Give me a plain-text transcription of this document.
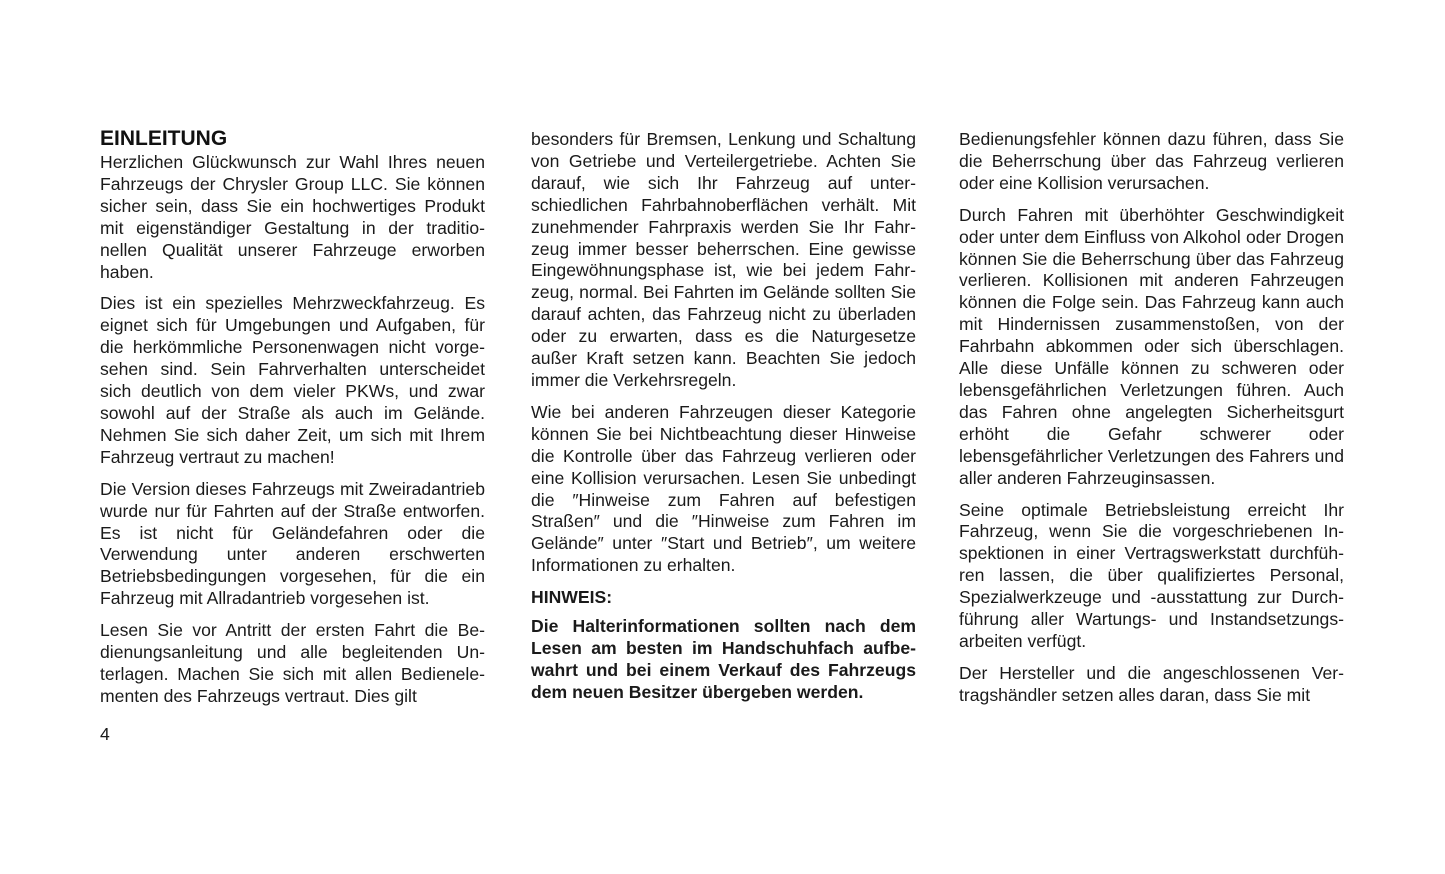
EINLEITUNG

Herzlichen Glückwunsch zur Wahl Ihres neuen Fahrzeugs der Chrysler Group LLC. Sie können sicher sein, dass Sie ein hochwertiges Produkt mit eigenständiger Gestaltung in der traditionellen Qualität unserer Fahrzeuge erworben haben.

Dies ist ein spezielles Mehrzweckfahrzeug. Es eignet sich für Umgebungen und Aufgaben, für die herkömmliche Personenwagen nicht vorgesehen sind. Sein Fahrverhalten unterscheidet sich deutlich von dem vieler PKWs, und zwar sowohl auf der Straße als auch im Gelände. Nehmen Sie sich daher Zeit, um sich mit Ihrem Fahrzeug vertraut zu machen!

Die Version dieses Fahrzeugs mit Zweiradantrieb wurde nur für Fahrten auf der Straße entworfen. Es ist nicht für Geländefahren oder die Verwendung unter anderen erschwerten Betriebsbedingungen vorgesehen, für die ein Fahrzeug mit Allradantrieb vorgesehen ist.

Lesen Sie vor Antritt der ersten Fahrt die Bedienungsanleitung und alle begleitenden Unterlagen. Machen Sie sich mit allen Bedienelementen des Fahrzeugs vertraut. Dies gilt

besonders für Bremsen, Lenkung und Schaltung von Getriebe und Verteilergetriebe. Achten Sie darauf, wie sich Ihr Fahrzeug auf unterschiedlichen Fahrbahnoberflächen verhält. Mit zunehmender Fahrpraxis werden Sie Ihr Fahrzeug immer besser beherrschen. Eine gewisse Eingewöhnungsphase ist, wie bei jedem Fahrzeug, normal. Bei Fahrten im Gelände sollten Sie darauf achten, das Fahrzeug nicht zu überladen oder zu erwarten, dass es die Naturgesetze außer Kraft setzen kann. Beachten Sie jedoch immer die Verkehrsregeln.

Wie bei anderen Fahrzeugen dieser Kategorie können Sie bei Nichtbeachtung dieser Hinweise die Kontrolle über das Fahrzeug verlieren oder eine Kollision verursachen. Lesen Sie unbedingt die ″Hinweise zum Fahren auf befestigen Straßen″ und die ″Hinweise zum Fahren im Gelände″ unter ″Start und Betrieb″, um weitere Informationen zu erhalten.

HINWEIS:

Die Halterinformationen sollten nach dem Lesen am besten im Handschuhfach aufbewahrt und bei einem Verkauf des Fahrzeugs dem neuen Besitzer übergeben werden.

Bedienungsfehler können dazu führen, dass Sie die Beherrschung über das Fahrzeug verlieren oder eine Kollision verursachen.

Durch Fahren mit überhöhter Geschwindigkeit oder unter dem Einfluss von Alkohol oder Drogen können Sie die Beherrschung über das Fahrzeug verlieren. Kollisionen mit anderen Fahrzeugen können die Folge sein. Das Fahrzeug kann auch mit Hindernissen zusammenstoßen, von der Fahrbahn abkommen oder sich überschlagen. Alle diese Unfälle können zu schweren oder lebensgefährlichen Verletzungen führen. Auch das Fahren ohne angelegten Sicherheitsgurt erhöht die Gefahr schwerer oder lebensgefährlicher Verletzungen des Fahrers und aller anderen Fahrzeuginsassen.

Seine optimale Betriebsleistung erreicht Ihr Fahrzeug, wenn Sie die vorgeschriebenen Inspektionen in einer Vertragswerkstatt durchführen lassen, die über qualifiziertes Personal, Spezialwerkzeuge und -ausstattung zur Durchführung aller Wartungs- und Instandsetzungsarbeiten verfügt.

Der Hersteller und die angeschlossenen Vertragshändler setzen alles daran, dass Sie mit

4
